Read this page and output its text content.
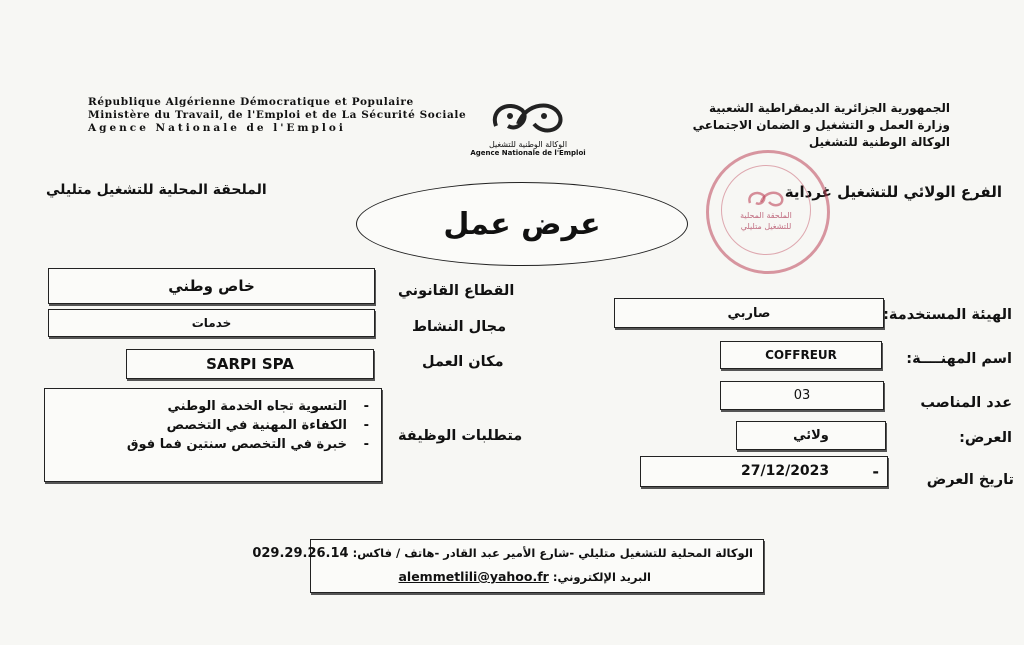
République Algérienne Démocratique et Populaire
Ministère du Travail, de l'Emploi et de La Sécurité Sociale
Agence Nationale de l'Emploi
الوكالة الوطنية للتشغيل
Agence Nationale de l'Emploi
الجمهورية الجزائرية الديمقراطية الشعبية
وزارة العمل و التشغيل و الضمان الاجتماعي
الوكالة الوطنية للتشغيل
الملحقة المحلية للتشغيل متليلي	الفرع الولائي للتشغيل غرداية
الملحقة المحلية للتشغيل متليلي
عرض عمل
خاص وطني	القطاع القانوني
خدمات	مجال النشاط
SARPI SPA	مكان العمل
-التسوية تجاه الخدمة الوطني
-الكفاءة المهنية في التخصص
-خبرة في التخصص سنتين فما فوق
متطلبات الوظيفة
صاربي	الهيئة المستخدمة:
COFFREUR	اسم المهنــــة:
03	عدد المناصب
ولائي	العرض:
27/12/2023	-	تاريخ العرض
الوكالة المحلية للتشغيل متليلي -شارع الأمير عبد القادر -هاتف / فاكس: 029.29.26.14
البريد الإلكتروني: alemmetlili@yahoo.fr
